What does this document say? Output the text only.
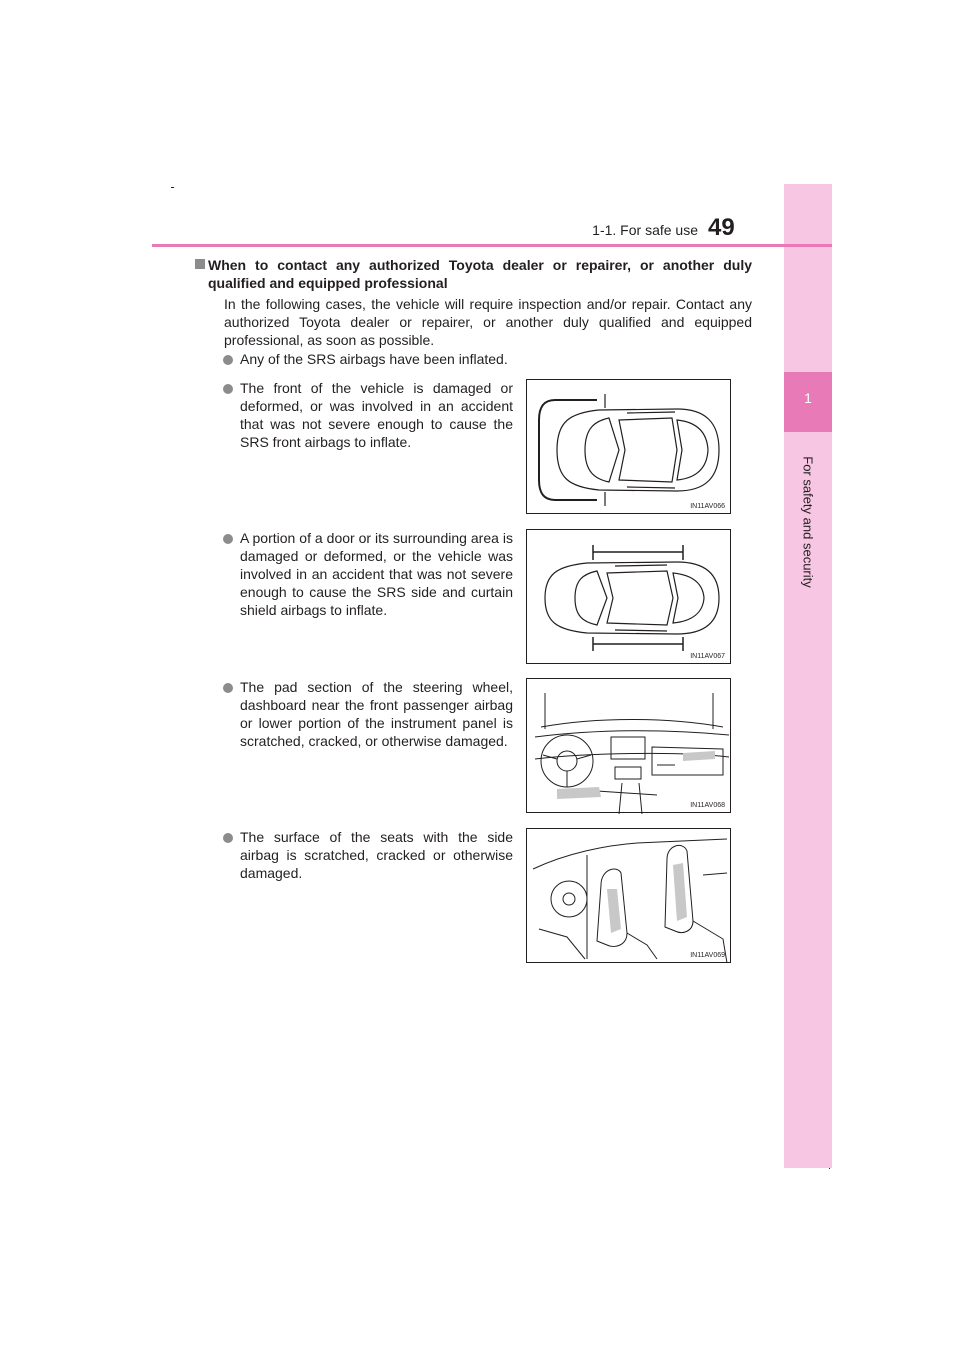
1
For safety and security
1-1. For safe use 49
When to contact any authorized Toyota dealer or repairer, or another duly qualified and equipped professional
In the following cases, the vehicle will require inspection and/or repair. Contact any authorized Toyota dealer or repairer, or another duly qualified and equipped professional, as soon as possible.
Any of the SRS airbags have been inflated.
The front of the vehicle is damaged or deformed, or was involved in an accident that was not severe enough to cause the SRS front airbags to inflate.
A portion of a door or its surrounding area is damaged or deformed, or the vehicle was involved in an accident that was not severe enough to cause the SRS side and curtain shield airbags to inflate.
The pad section of the steering wheel, dashboard near the front passenger airbag or lower portion of the instrument panel is scratched, cracked, or otherwise damaged.
The surface of the seats with the side airbag is scratched, cracked or otherwise damaged.
IN11AV066
IN11AV067
IN11AV068
IN11AV069
